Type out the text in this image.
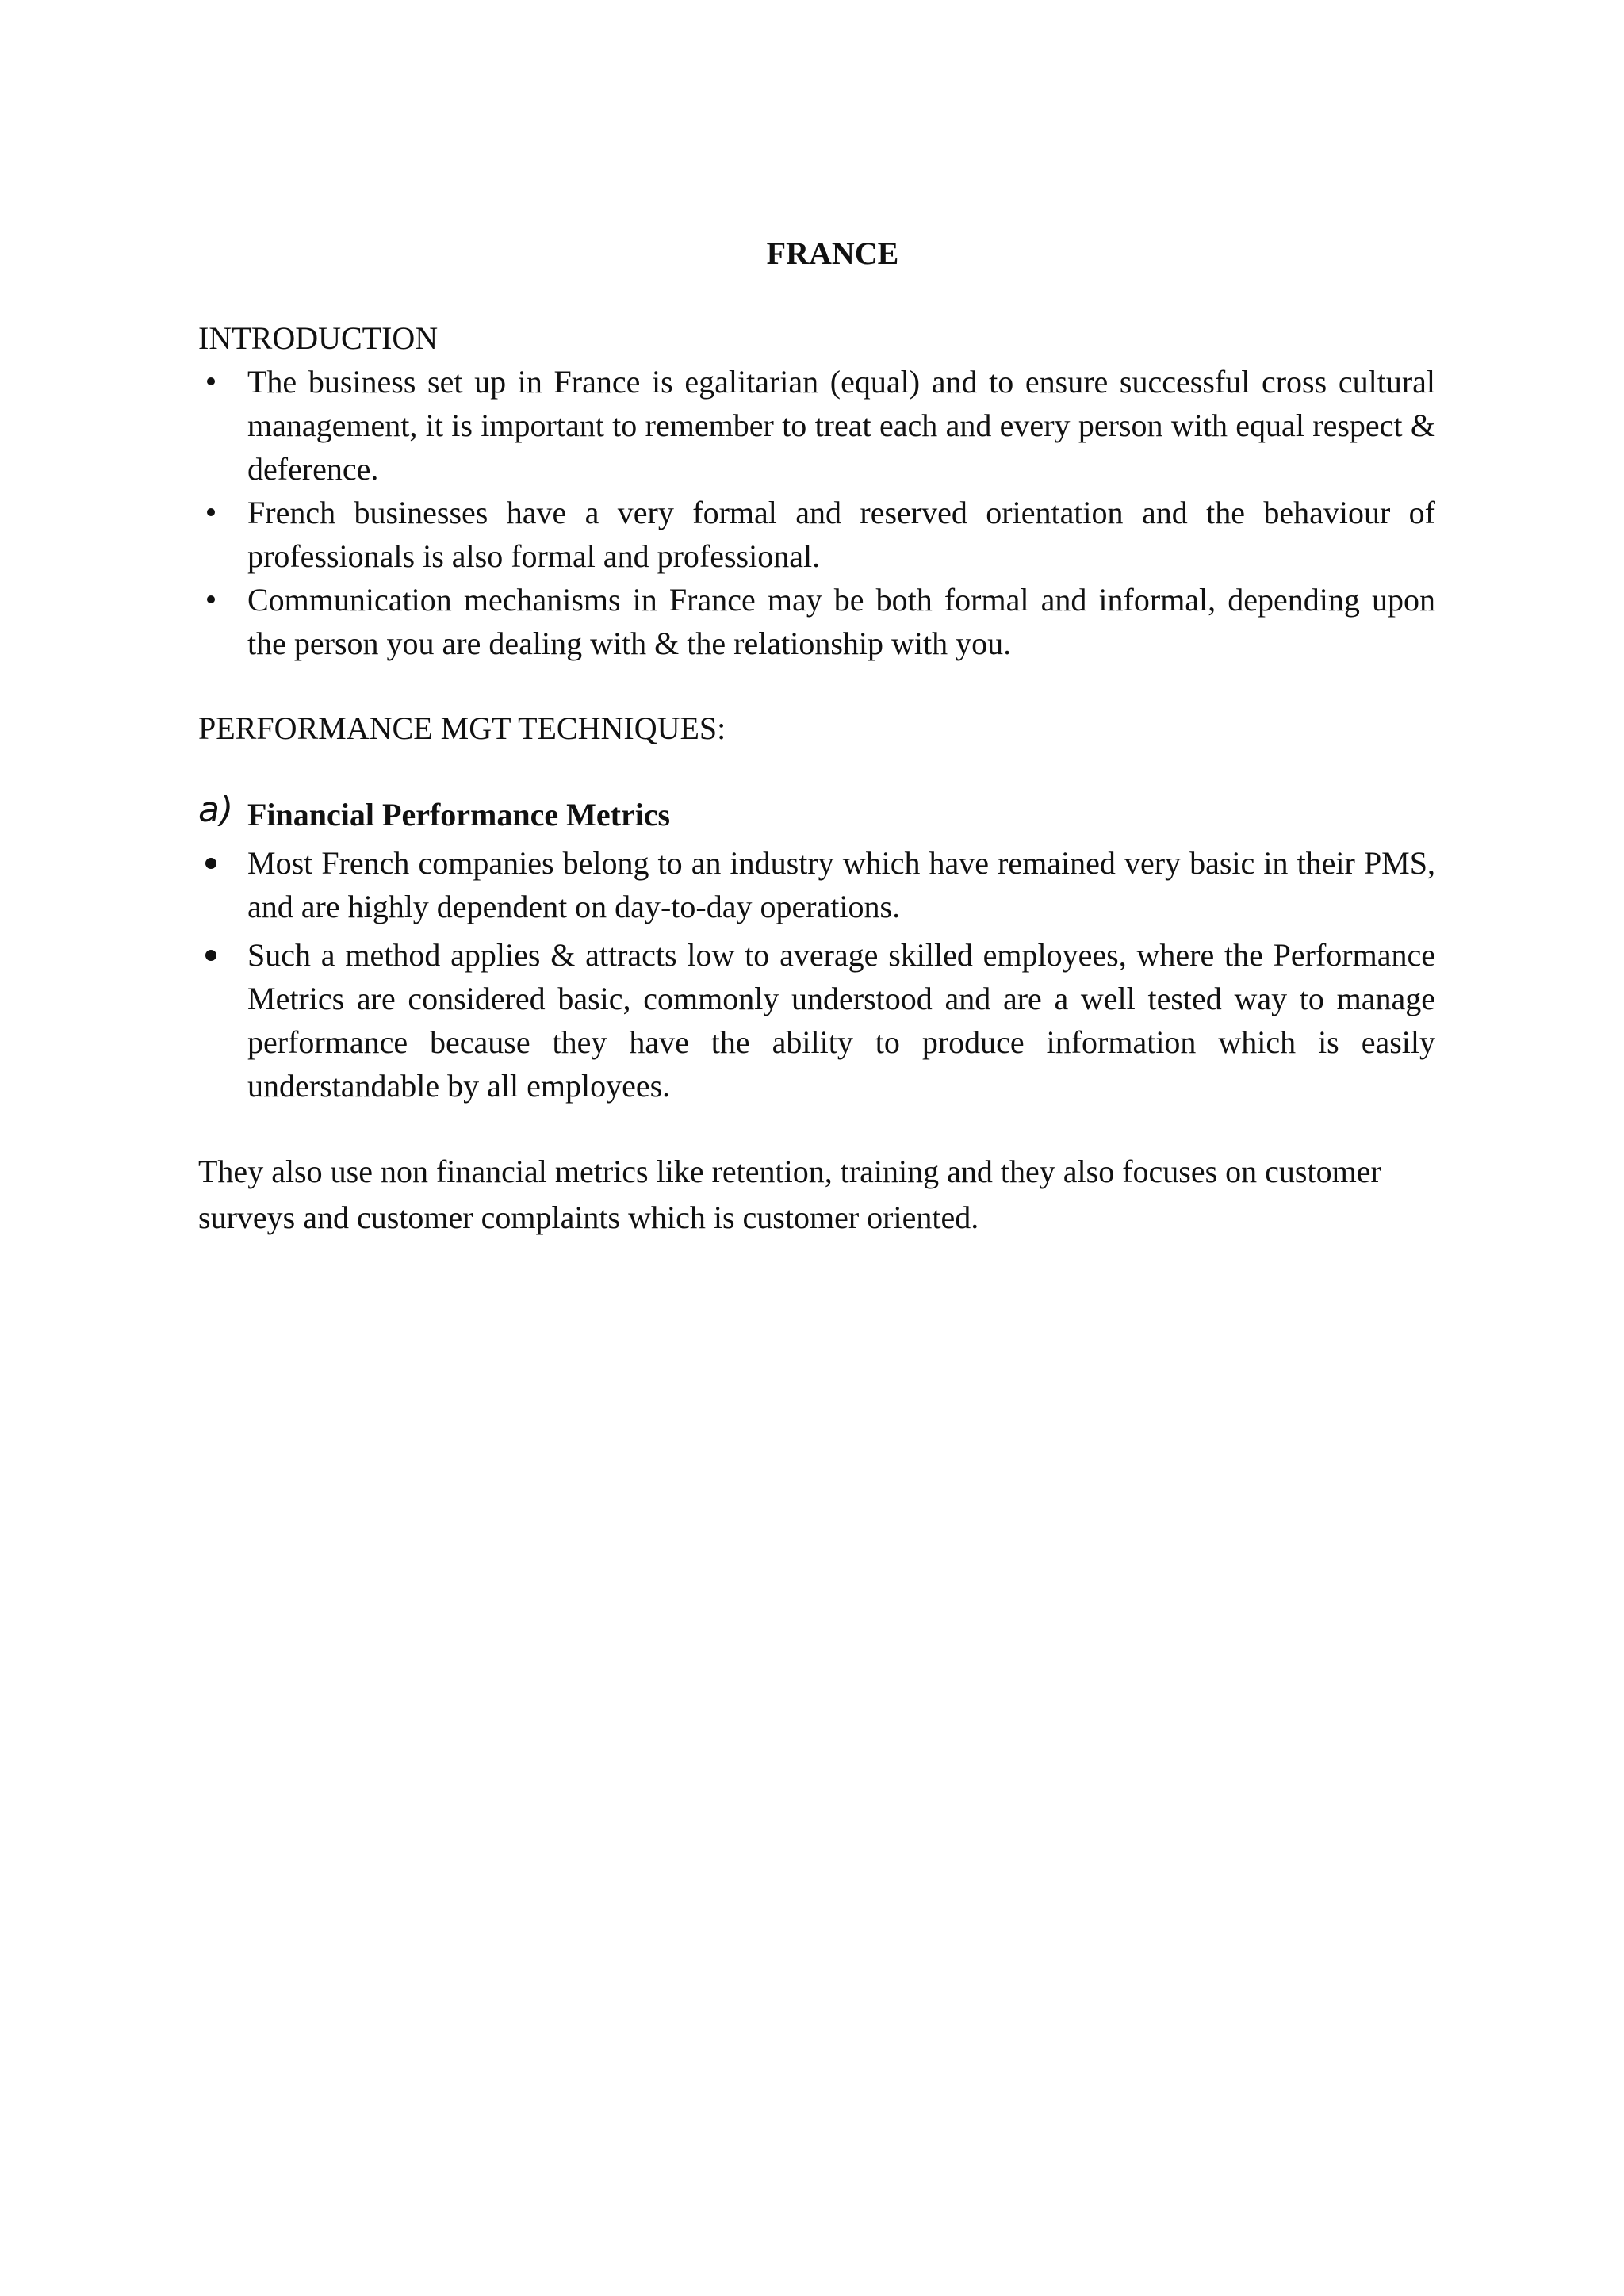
FRANCE
INTRODUCTION
The business set up in France is egalitarian (equal) and to ensure successful cross cultural management, it is important to remember to treat each and every person with equal respect & deference.
French businesses have a very formal and reserved orientation and the behaviour of professionals is also formal and professional.
Communication mechanisms in France may be both formal and informal, depending upon the person you are dealing with & the relationship with you.
PERFORMANCE MGT TECHNIQUES:
a) Financial Performance Metrics
Most French companies belong to an industry which have remained very basic in their PMS, and are highly dependent on day-to-day operations.
Such a method applies & attracts low to average skilled employees, where the Performance Metrics are considered basic, commonly understood and are a well tested way to manage performance because they have the ability to produce information which is easily understandable by all employees.

They also use non financial metrics like retention, training and they also focuses on customer surveys and customer complaints which is customer oriented.
